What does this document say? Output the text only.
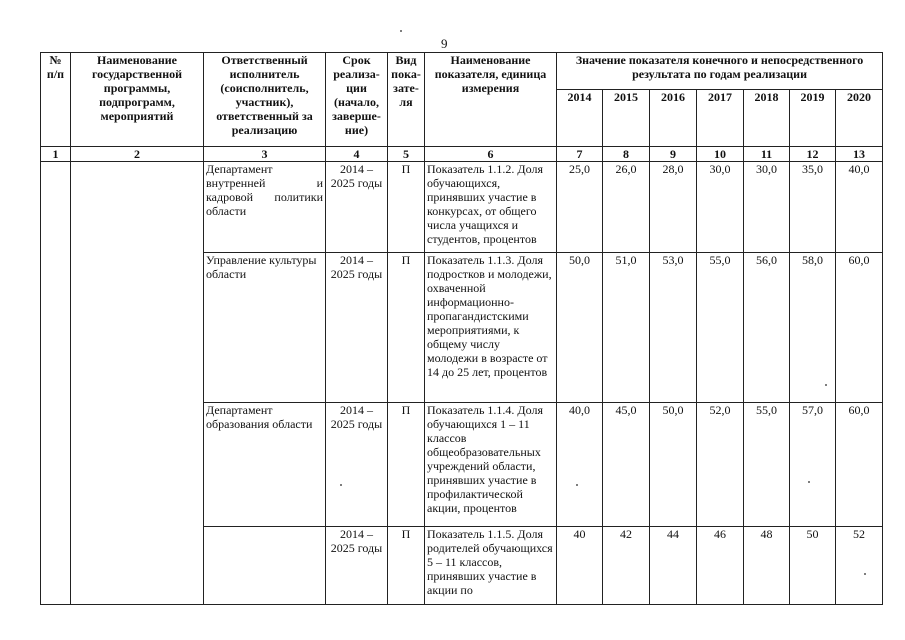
9
№ п/п	Наименование государственной программы, подпрограмм, мероприятий	Ответственный исполнитель (соисполнитель, участник), ответственный за реализацию	Срок реализа-ции (начало, заверше-ние)	Вид пока-зате-ля	Наименование показателя, единица измерения	Значение показателя конечного и непосредственного результата по годам реализации						
						2014	2015	2016	2017	2018	2019	2020
1	2	3	4	5	6	7	8	9	10	11	12	13
		Департамент внутренней и кадровой политики области	2014 – 2025 годы	П	Показатель 1.1.2. Доля обучающихся, принявших участие в конкурсах, от общего числа учащихся и студентов, процентов	25,0	26,0	28,0	30,0	30,0	35,0	40,0
		Управление культуры области	2014 – 2025 годы	П	Показатель 1.1.3. Доля подростков и молодежи, охваченной информационно-пропагандистскими мероприятиями, к общему числу молодежи в возрасте от 14 до 25 лет, процентов	50,0	51,0	53,0	55,0	56,0	58,0	60,0
		Департамент образования области	2014 – 2025 годы	П	Показатель 1.1.4. Доля обучающихся 1 – 11 классов общеобразовательных учреждений области, принявших участие в профилактической акции, процентов	40,0	45,0	50,0	52,0	55,0	57,0	60,0
			2014 – 2025 годы	П	Показатель 1.1.5. Доля родителей обучающихся 5 – 11 классов, принявших участие в акции по	40	42	44	46	48	50	52
